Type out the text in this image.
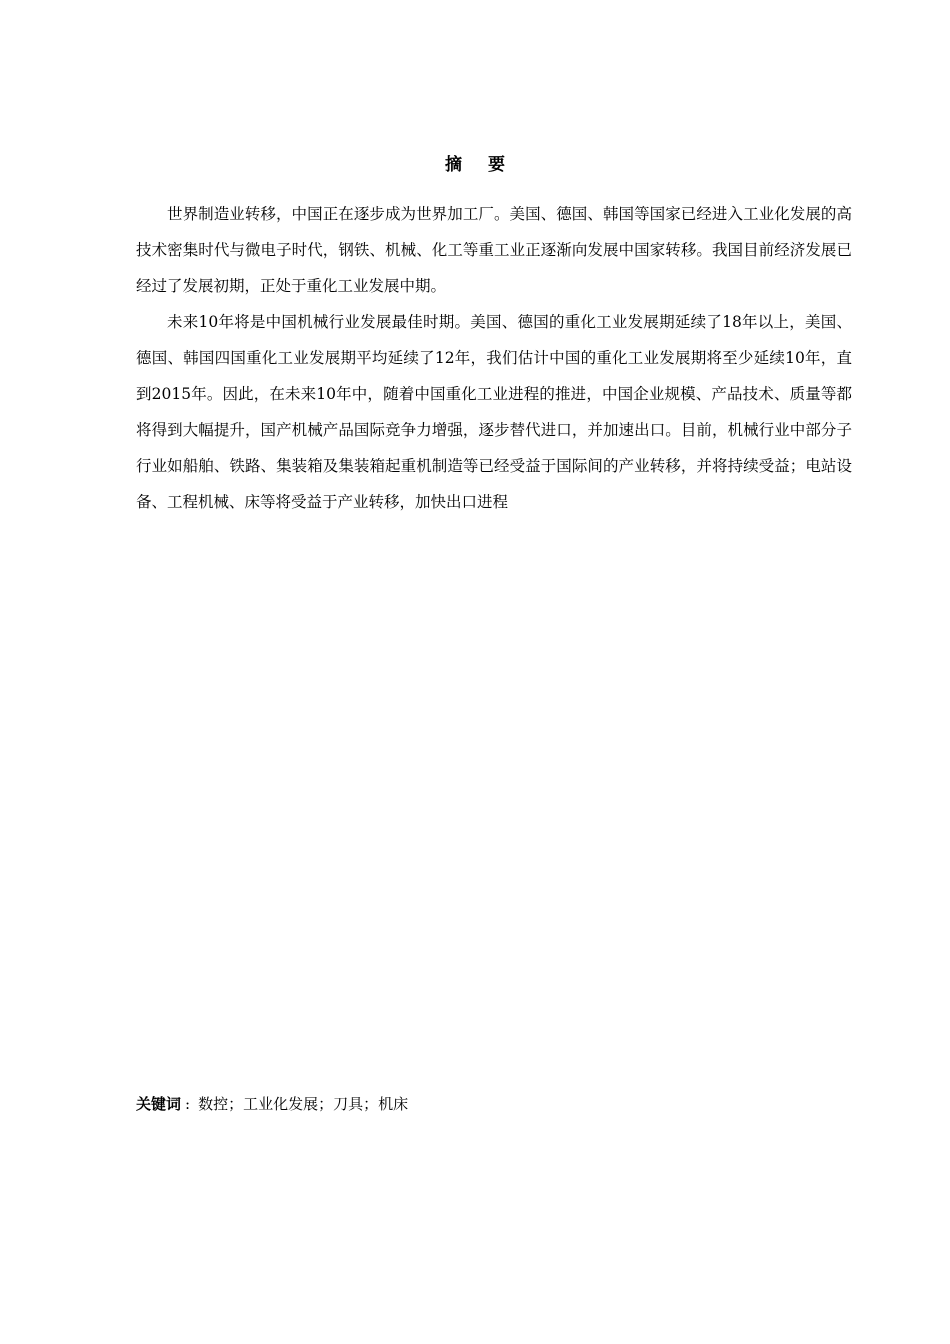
摘要

世界制造业转移，中国正在逐步成为世界加工厂。美国、德国、韩国等国家已经进入工业化发展的高技术密集时代与微电子时代，钢铁、机械、化工等重工业正逐渐向发展中国家转移。我国目前经济发展已经过了发展初期，正处于重化工业发展中期。

未来10年将是中国机械行业发展最佳时期。美国、德国的重化工业发展期延续了18年以上，美国、德国、韩国四国重化工业发展期平均延续了12年，我们估计中国的重化工业发展期将至少延续10年，直到2015年。因此，在未来10年中，随着中国重化工业进程的推进，中国企业规模、产品技术、质量等都将得到大幅提升，国产机械产品国际竞争力增强，逐步替代进口，并加速出口。目前，机械行业中部分子行业如船舶、铁路、集装箱及集装箱起重机制造等已经受益于国际间的产业转移，并将持续受益；电站设备、工程机械、床等将受益于产业转移，加快出口进程

关键词 : 数控；工业化发展；刀具；机床
